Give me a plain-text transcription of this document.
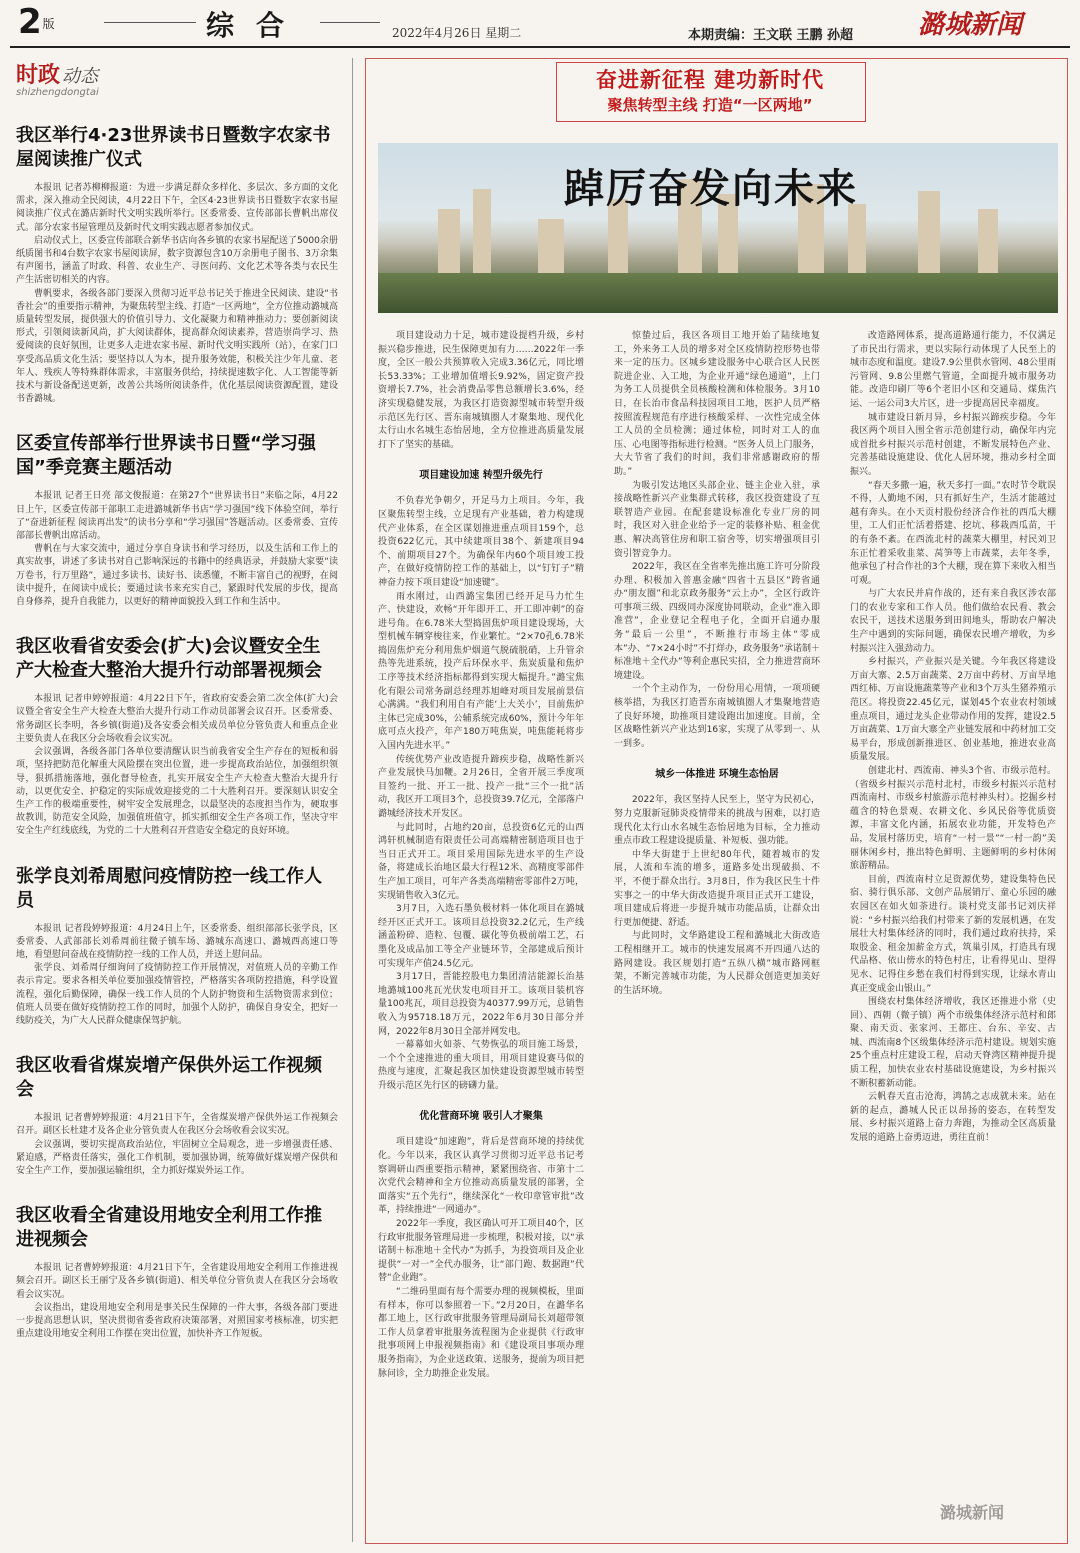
2 版	综合	2022年4月26日 星期二	本期责编：王文联 王鹏 孙超 潞城新闻
时政 动态
shizhengdongtai
我区举行4·23世界读书日暨数字农家书屋阅读推广仪式

本报讯 记者苏柳柳报道：为进一步满足群众多样化、多层次、多方面的文化需求，深入推动全民阅读，4月22日下午，全区4·23世界读书日暨数字农家书屋阅读推广仪式在潞店新时代文明实践所举行。区委常委、宣传部部长曹帆出席仪式。部分农家书屋管理员及新时代文明实践志愿者参加仪式。

启动仪式上，区委宣传部联合新华书店向各乡镇的农家书屋配送了5000余册纸质图书和4台数字农家书屋阅读屏，数字资源包含10万余册电子图书、3万余集有声图书，涵盖了时政、科普、农业生产、寻医问药、文化艺术等各类与农民生产生活密切相关的内容。

曹帆要求，各级各部门要深入贯彻习近平总书记关于推进全民阅读、建设“书香社会”的重要指示精神，为聚焦转型主线、打造“一区两地”，全方位推动潞城高质量转型发展，提供强大的价值引导力、文化凝聚力和精神推动力；要创新阅读形式，引领阅读新风尚，扩大阅读群体，提高群众阅读素养，营造崇尚学习、热爱阅读的良好氛围，让更多人走进农家书屋、新时代文明实践所（站），在家门口享受高品质文化生活；要坚持以人为本，提升服务效能，积极关注少年儿童、老年人、残疾人等特殊群体需求，丰富服务供给，持续提速数字化、人工智能等新技术与新设备配送更新，改善公共场所阅读条件，优化基层阅读资源配置，建设书香潞城。

区委宣传部举行世界读书日暨“学习强国”季竞赛主题活动

本报讯 记者王日亮 部文俊报道：在第27个“世界读书日”来临之际，4月22日上午，区委宣传部干部职工走进潞城新华书店“学习强国”线下体验空间，举行了“奋进新征程 阅读再出发”的读书分享和“学习强国”答题活动。区委常委、宣传部部长曹帆出席活动。

曹帆在与大家交流中，通过分享自身读书和学习经历，以及生活和工作上的真实故事，讲述了多读书对自己影响深远的书籍中的经典语录，并鼓励大家要“读万卷书，行万里路”，通过多读书、读好书、读悉懂，不断丰富自己的视野，在阅读中提升，在阅读中成长；要通过读书来充实自己，紧跟时代发展的步伐，提高自身修养，提升自我能力，以更好的精神面貌投入到工作和生活中。

我区收看省安委会(扩大)会议暨安全生产大检查大整治大提升行动部署视频会

本报讯 记者申婷婷报道：4月22日下午，省政府安委会第二次全体(扩大)会议暨全省安全生产大检查大整治大提升行动工作动员部署会议召开。区委常委、常务副区长李明，各乡镇(街道)及各安委会相关成员单位分管负责人和重点企业主要负责人在我区分会场收看会议实况。

会议强调，各级各部门各单位要清醒认识当前我省安全生产存在的短板和弱项，坚持把防范化解重大风险摆在突出位置，进一步提高政治站位，加强组织领导，狠抓措施落地，强化督导检查，扎实开展安全生产大检查大整治大提升行动，以更优安全、护稳定的实际成效迎接党的二十大胜利召开。要深刻认识安全生产工作的极端重要性，树牢安全发展理念，以最坚决的态度担当作为，硬取事故教训，防范安全风险，加强值班值守，抓实抓细安全生产各项工作，坚决守牢安全生产红线底线，为党的二十大胜利召开营造安全稳定的良好环境。

张学良刘希周慰问疫情防控一线工作人员

本报讯 记者段婷婷报道：4月24日上午，区委常委、组织部部长张学良，区委常委、人武部部长刘希周前往微子镇车场、潞城东高速口、潞城西高速口等地，看望慰问奋战在疫情防控一线的工作人员，并送上慰问品。

张学良、刘希周仔细询问了疫情防控工作开展情况，对值班人员的辛勤工作表示肯定。要求各相关单位要加强疫情管控，严格落实各项防控措施，科学设置流程，强化后勤保障，确保一线工作人员的个人防护物资和生活物资需求到位；值班人员要在做好疫情防控工作的同时，加强个人防护，确保自身安全，把好一线防疫关，为广大人民群众健康保驾护航。

我区收看省煤炭增产保供外运工作视频会

本报讯 记者曹婷婷报道：4月21日下午，全省煤炭增产保供外运工作视频会召开。副区长杜建才及各企业分管负责人在我区分会场收看会议实况。

会议强调，要切实提高政治站位，牢固树立全局观念，进一步增强责任感、紧迫感，严格责任落实，强化工作机制，要加强协调，统筹做好煤炭增产保供和安全生产工作，要加强运输组织，全力抓好煤炭外运工作。

我区收看全省建设用地安全利用工作推进视频会

本报讯 记者曹婷婷报道：4月21日下午，全省建设用地安全利用工作推进视频会召开。副区长王丽宁及各乡镇(街道)、相关单位分管负责人在我区分会场收看会议实况。

会议指出，建设用地安全利用是事关民生保障的一件大事，各级各部门要进一步提高思想认识，坚决贯彻省委省政府决策部署，对照国家考核标准，切实把重点建设用地安全利用工作摆在突出位置，加快补齐工作短板。

奋进新征程 建功新时代
聚焦转型主线 打造“一区两地”
踔厉奋发向未来

项目建设动力十足，城市建设提档升级，乡村振兴稳步推进，民生保障更加有力……2022年一季度，全区一般公共预算收入完成3.36亿元，同比增长53.33%；工业增加值增长9.92%，固定资产投资增长7.7%，社会消费品零售总额增长3.6%，经济实现稳健发展，为我区打造资源型城市转型升级示范区先行区、晋东南城镇圈人才聚集地、现代化太行山水名城生态怡居地，全方位推进高质量发展打下了坚实的基础。

项目建设加速 转型升级先行

不负春光争朝夕，开足马力上项目。今年，我区聚焦转型主线，立足现有产业基础，着力构建现代产业体系，在全区谋划推进重点项目159个，总投资622亿元，其中续建项目38个、新建项目94个、前期项目27个。为确保年内60个项目竣工投产，在做好疫情防控工作的基础上，以“钉钉子”精神奋力按下项目建设“加速键”。

雨水刚过，山西潞宝集团已经开足马力忙生产、快建设，欢畅“开年即开工、开工即冲刺”的奋进号角。在6.78米大型捣固焦炉项目建设现场，大型机械车辆穿梭往来，作业繁忙。“2×70孔6.78米捣固焦炉充分利用焦炉烟道气脱硫脱硝，上升管余热等先进系统，投产后环保水平、焦炭质量和焦炉工序等技术经济指标都得到实现大幅提升。”潞宝焦化有限公司常务副总经理苏旭峰对项目发展前景信心满满。“我们利用自有产能‘上大关小’，目前焦炉主体已完成30%，公辅系统完成60%，预计今年年底可点火投产，年产180万吨焦炭，吨焦能耗将步入国内先进水平。”

传统优势产业改造提升蹄疾步稳，战略性新兴产业发展快马加鞭。2月26日，全省开展三季度项目签约一批、开工一批、投产一批“三个一批”活动，我区开工项目3个，总投资39.7亿元，全部落户潞城经济技术开发区。

与此同时，占地约20亩，总投资6亿元的山西鸿轩机械制造有限责任公司高端精密制造项目也于当日正式开工。项目采用国际先进水平的生产设备，将建成长治地区最大行程12米、高精度零部件生产加工项目，可年产各类高端精密零部件2万吨，实现销售收入3亿元。

3月7日，入选石墨负极材料一体化项目在潞城经开区正式开工。该项目总投资32.2亿元，生产线涵盖粉碎、造粒、包覆、碳化等负极前端工艺，石墨化及成品加工等全产业链环节，全部建成后预计可实现年产值24.5亿元。

3月17日，晋能控股电力集团清洁能源长治基地潞城100兆瓦光伏发电项目开工。该项目装机容量100兆瓦，项目总投资为40377.99万元，总销售收入为95718.18万元，2022年6月30日部分并网，2022年8月30日全部并网发电。

一幕幕如火如荼、气势恢弘的项目施工场景，一个个全速推进的重大项目，用项目建设赛马似的热度与速度，汇聚起我区加快建设资源型城市转型升级示范区先行区的磅礴力量。

优化营商环境 吸引人才聚集

项目建设“加速跑”，背后是营商环境的持续优化。今年以来，我区认真学习贯彻习近平总书记考察调研山西重要指示精神，紧紧围绕省、市第十二次党代会精神和全方位推动高质量发展的部署，全面落实“五个先行”，继续深化“一枚印章管审批”改革，持续推进“一网通办”。

2022年一季度，我区确认可开工项目40个，区行政审批服务管理局进一步梳理，积极对接，以“承诺制＋标准地＋全代办”为抓手，为投资项目及企业提供“一对一”全代办服务，让“部门跑、数据跑”代替“企业跑”。

“二维码里面有每个需要办理的视频模板，里面有样本，你可以参照着一下。”2月20日，在潞华名都工地上，区行政审批服务管理局副局长刘超带领工作人员拿着审批服务流程图为企业提供《行政审批事项网上申报视频指南》和《建设项目事项办理服务指南》，为企业送政策、送服务，提前为项目把脉问诊，全力助推企业发展。

惊蛰过后，我区各项目工地开始了陆续地复工，外来务工人员的增多对全区疫情防控形势也带来一定的压力。区城乡建设服务中心联合区人民医院进企业、入工地，为企业开通“绿色通道”，上门为务工人员提供全员核酸检测和体检服务。3月10日，在长治市食品科技园项目工地，医护人员严格按照流程规范有序进行核酸采样、一次性完成全体工人员的全员检测；通过体检，同时对工人的血压、心电图等指标进行检测。“医务人员上门服务，大大节省了我们的时间，我们非常感谢政府的帮助。”

为吸引发达地区头部企业、链主企业入驻，承接战略性新兴产业集群式转移，我区投资建设了互联智造产业园。在配套建设标准化专业厂房的同时，我区对入驻企业给予一定的装修补贴、租金优惠、解决高管住房和职工宿舍等，切实增强项目引资引智竞争力。

2022年，我区在全省率先推出施工许可分阶段办理、积极加入普惠金融“四省十五县区”跨省通办“朋友圈”和北京政务服务“云上办”，全区行政许可事项三级、四级同办深度协同联动，企业“准入即准营”，企业登记全程电子化，全面开启通办服务“最后一公里”，不断推行市场主体“零成本”办、“7×24小时”不打烊办，政务服务“承诺制＋标准地＋全代办”等利企惠民实招，全力推进营商环境建设。

一个个主动作为，一份份用心用情，一项项硬核举措，为我区打造晋东南城镇圈人才集聚地营造了良好环境，助推项目建设跑出加速度。目前，全区战略性新兴产业达到16家，实现了从零到一、从一到多。

城乡一体推进 环境生态怡居

2022年，我区坚持人民至上，坚守为民初心，努力克服新冠肺炎疫情带来的挑战与困难，以打造现代化太行山水名城生态怡居地为目标，全力推动重点市政工程建设提质量、补短板、强功能。

中华大街建于上世纪80年代，随着城市的发展，人流和车流的增多，道路多处出现破损、不平，不便于群众出行。3月8日，作为我区民生十件实事之一的中华大街改造提升项目正式开工建设，项目建成后将进一步提升城市功能品质，让群众出行更加便捷、舒适。

与此同时，文华路建设工程和潞城北大街改造工程相继开工。城市的快速发展离不开四通八达的路网建设。我区规划打造“五纵八横”城市路网框架，不断完善城市功能，为人民群众创造更加美好的生活环境。

改造路网体系，提高道路通行能力，不仅满足了市民出行需求，更以实际行动体现了人民至上的城市态度和温度。建设7.9公里供水管网、48公里雨污管网、9.8公里燃气管道，全面提升城市服务功能。改造印刷厂等6个老旧小区和交通局、煤焦汽运、一运公司3大片区，进一步提高居民幸福度。

城市建设日新月异，乡村振兴蹄疾步稳。今年我区两个项目入围全省示范创建行动，确保年内完成首批乡村振兴示范村创建，不断发展特色产业、完善基础设施建设、优化人居环境，推动乡村全面振兴。

“春天多撒一遍，秋天多打一面。”农时节令耽误不得，人勤地不闲，只有抓好生产，生活才能越过越有奔头。在小天贡村股份经济合作社的西瓜大棚里，工人们正忙活着搭建、挖坑、移栽西瓜苗，干的有条不紊。在西流北村的蔬菜大棚里，村民刘卫东正忙着采收韭菜、莴笋等上市蔬菜，去年冬季，他承包了村合作社的3个大棚，现在算下来收入相当可观。

与广大农民并肩作战的，还有来自我区涉农部门的农业专家和工作人员。他们做给农民看、教会农民干，送技术送服务到田间地头，帮助农户解决生产中遇到的实际问题，确保农民增产增收，为乡村振兴注入强劲动力。

乡村振兴，产业振兴是关键。今年我区将建设万亩大寨、2.5万亩蔬菜、2万亩中药材、万亩旱地西红柿、万亩设施蔬菜等产业和3个万头生猪养殖示范区。将投资22.45亿元，谋划45个农业农村领域重点项目，通过龙头企业带动作用的发挥，建设2.5万亩蔬菜、1万亩大寨全产业链发展和中药材加工交易平台，形成创新推进区、创业基地，推进农业高质量发展。

创建北村、西流南、神头3个省、市级示范村。（省级乡村振兴示范村北村，市级乡村振兴示范村西流南村、市级乡村旅游示范村神头村）。挖掘乡村蕴含的特色景观、农耕文化、乡风民俗等优质资源，丰富文化内涵，拓展农业功能，开发特色产品，发展村落历史，培育“一村一景”“一村一韵”美丽休闲乡村，推出特色鲜明、主题鲜明的乡村休闲旅游精品。

目前，西流南村立足资源优势，建设集特色民宿、骑行俱乐部、文创产品展销厅、童心乐园的融农园区在如火如荼进行。谈村党支部书记刘庆祥说：“乡村振兴给我们村带来了新的发展机遇，在发展壮大村集体经济的同时，我们通过政府扶持，采取股金、租金加薪金方式，筑巢引凤，打造具有现代品格、依山傍水的特色村庄，让看得见山、望得见水、记得住乡愁在我们村得到实现，让绿水青山真正变成金山银山。”

围绕农村集体经济增收，我区还推进小常（史回）、西朝（微子镇）两个市级集体经济示范村和郎聚、南天贡、张家河、王都庄、台东、辛安、古城、西流南8个区级集体经济示范村建设。规划实施25个重点村庄建设工程，启动天脊湾区精神提升提质工程，加快农业农村基础设施建设，为乡村振兴不断积蓄新动能。

云帆春天直击沧海，鸿鹄之志成就未来。站在新的起点，潞城人民正以昂扬的姿态，在转型发展、乡村振兴道路上奋力奔跑，为推动全区高质量发展的道路上奋勇迈进，勇往直前！

潞城新闻
